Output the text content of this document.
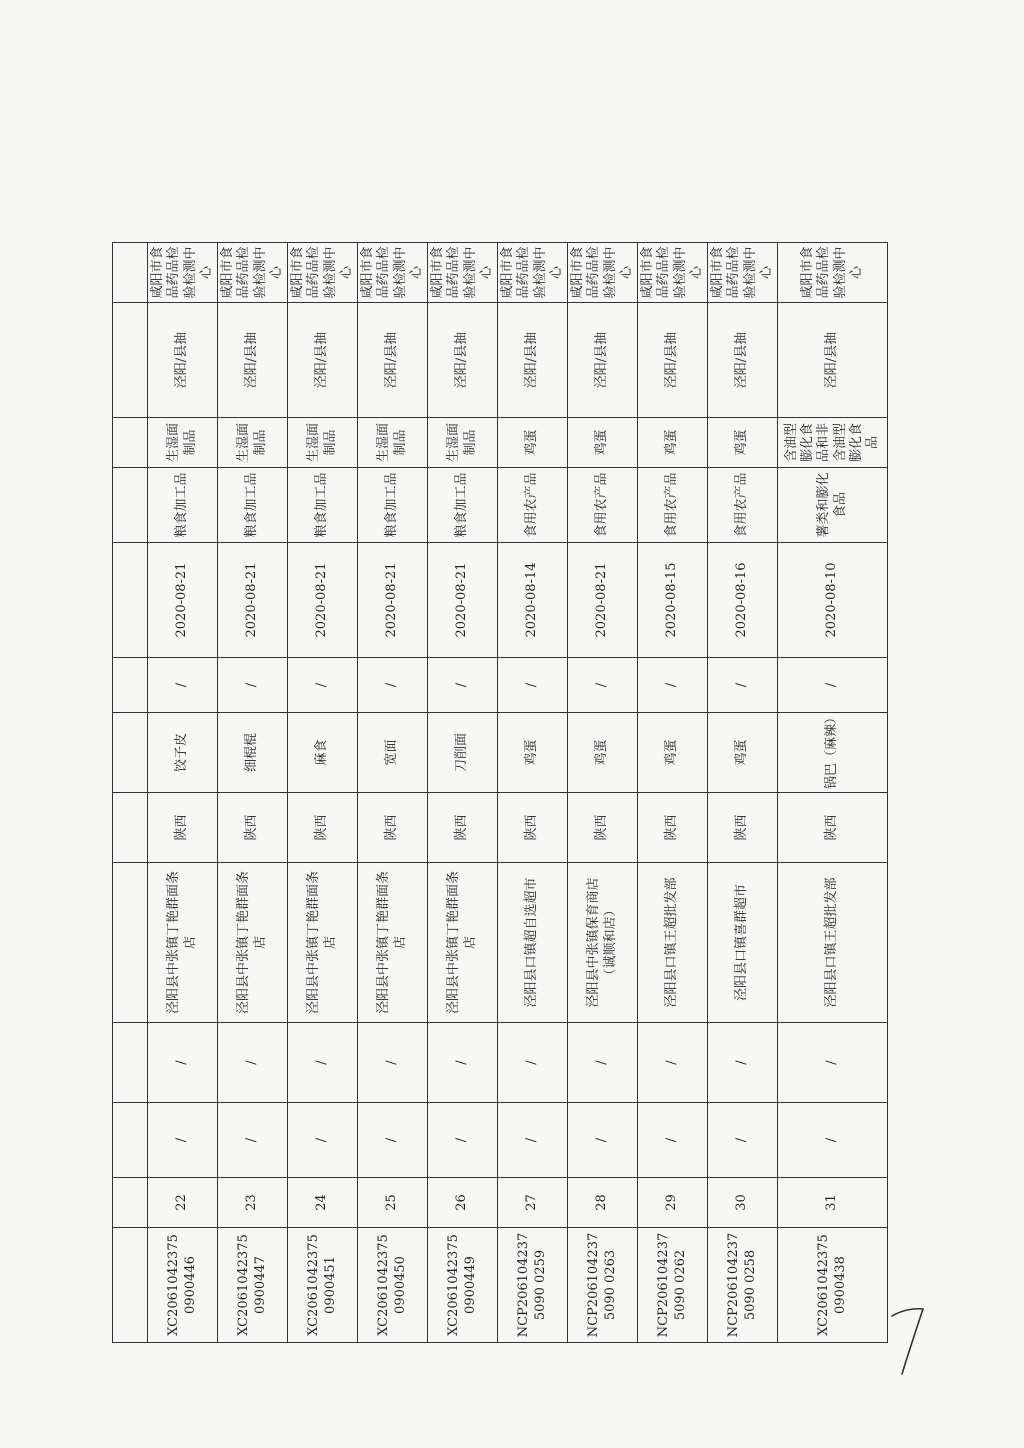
XC20610423750900446	22	/	/	泾阳县中张镇丁艳群面条店	陕西	饺子皮	/	2020-08-21	粮食加工品	生湿面制品	泾阳/县抽	咸阳市食品药品检验检测中心
XC20610423750900447	23	/	/	泾阳县中张镇丁艳群面条店	陕西	细棍棍	/	2020-08-21	粮食加工品	生湿面制品	泾阳/县抽	咸阳市食品药品检验检测中心
XC20610423750900451	24	/	/	泾阳县中张镇丁艳群面条店	陕西	麻食	/	2020-08-21	粮食加工品	生湿面制品	泾阳/县抽	咸阳市食品药品检验检测中心
XC20610423750900450	25	/	/	泾阳县中张镇丁艳群面条店	陕西	宽面	/	2020-08-21	粮食加工品	生湿面制品	泾阳/县抽	咸阳市食品药品检验检测中心
XC20610423750900449	26	/	/	泾阳县中张镇丁艳群面条店	陕西	刀削面	/	2020-08-21	粮食加工品	生湿面制品	泾阳/县抽	咸阳市食品药品检验检测中心
NCP2061042375090 0259	27	/	/	泾阳县口镇超自选超市	陕西	鸡蛋	/	2020-08-14	食用农产品	鸡蛋	泾阳/县抽	咸阳市食品药品检验检测中心
NCP2061042375090 0263	28	/	/	泾阳县中张镇保育商店（诚顺和店）	陕西	鸡蛋	/	2020-08-21	食用农产品	鸡蛋	泾阳/县抽	咸阳市食品药品检验检测中心
NCP2061042375090 0262	29	/	/	泾阳县口镇王超批发部	陕西	鸡蛋	/	2020-08-15	食用农产品	鸡蛋	泾阳/县抽	咸阳市食品药品检验检测中心
NCP2061042375090 0258	30	/	/	泾阳县口镇喜群超市	陕西	鸡蛋	/	2020-08-16	食用农产品	鸡蛋	泾阳/县抽	咸阳市食品药品检验检测中心
XC20610423750900438	31	/	/	泾阳县口镇王超批发部	陕西	锅巴（麻辣）	/	2020-08-10	薯类和膨化食品	含油型膨化食品和非含油型膨化食品	泾阳/县抽	咸阳市食品药品检验检测中心
